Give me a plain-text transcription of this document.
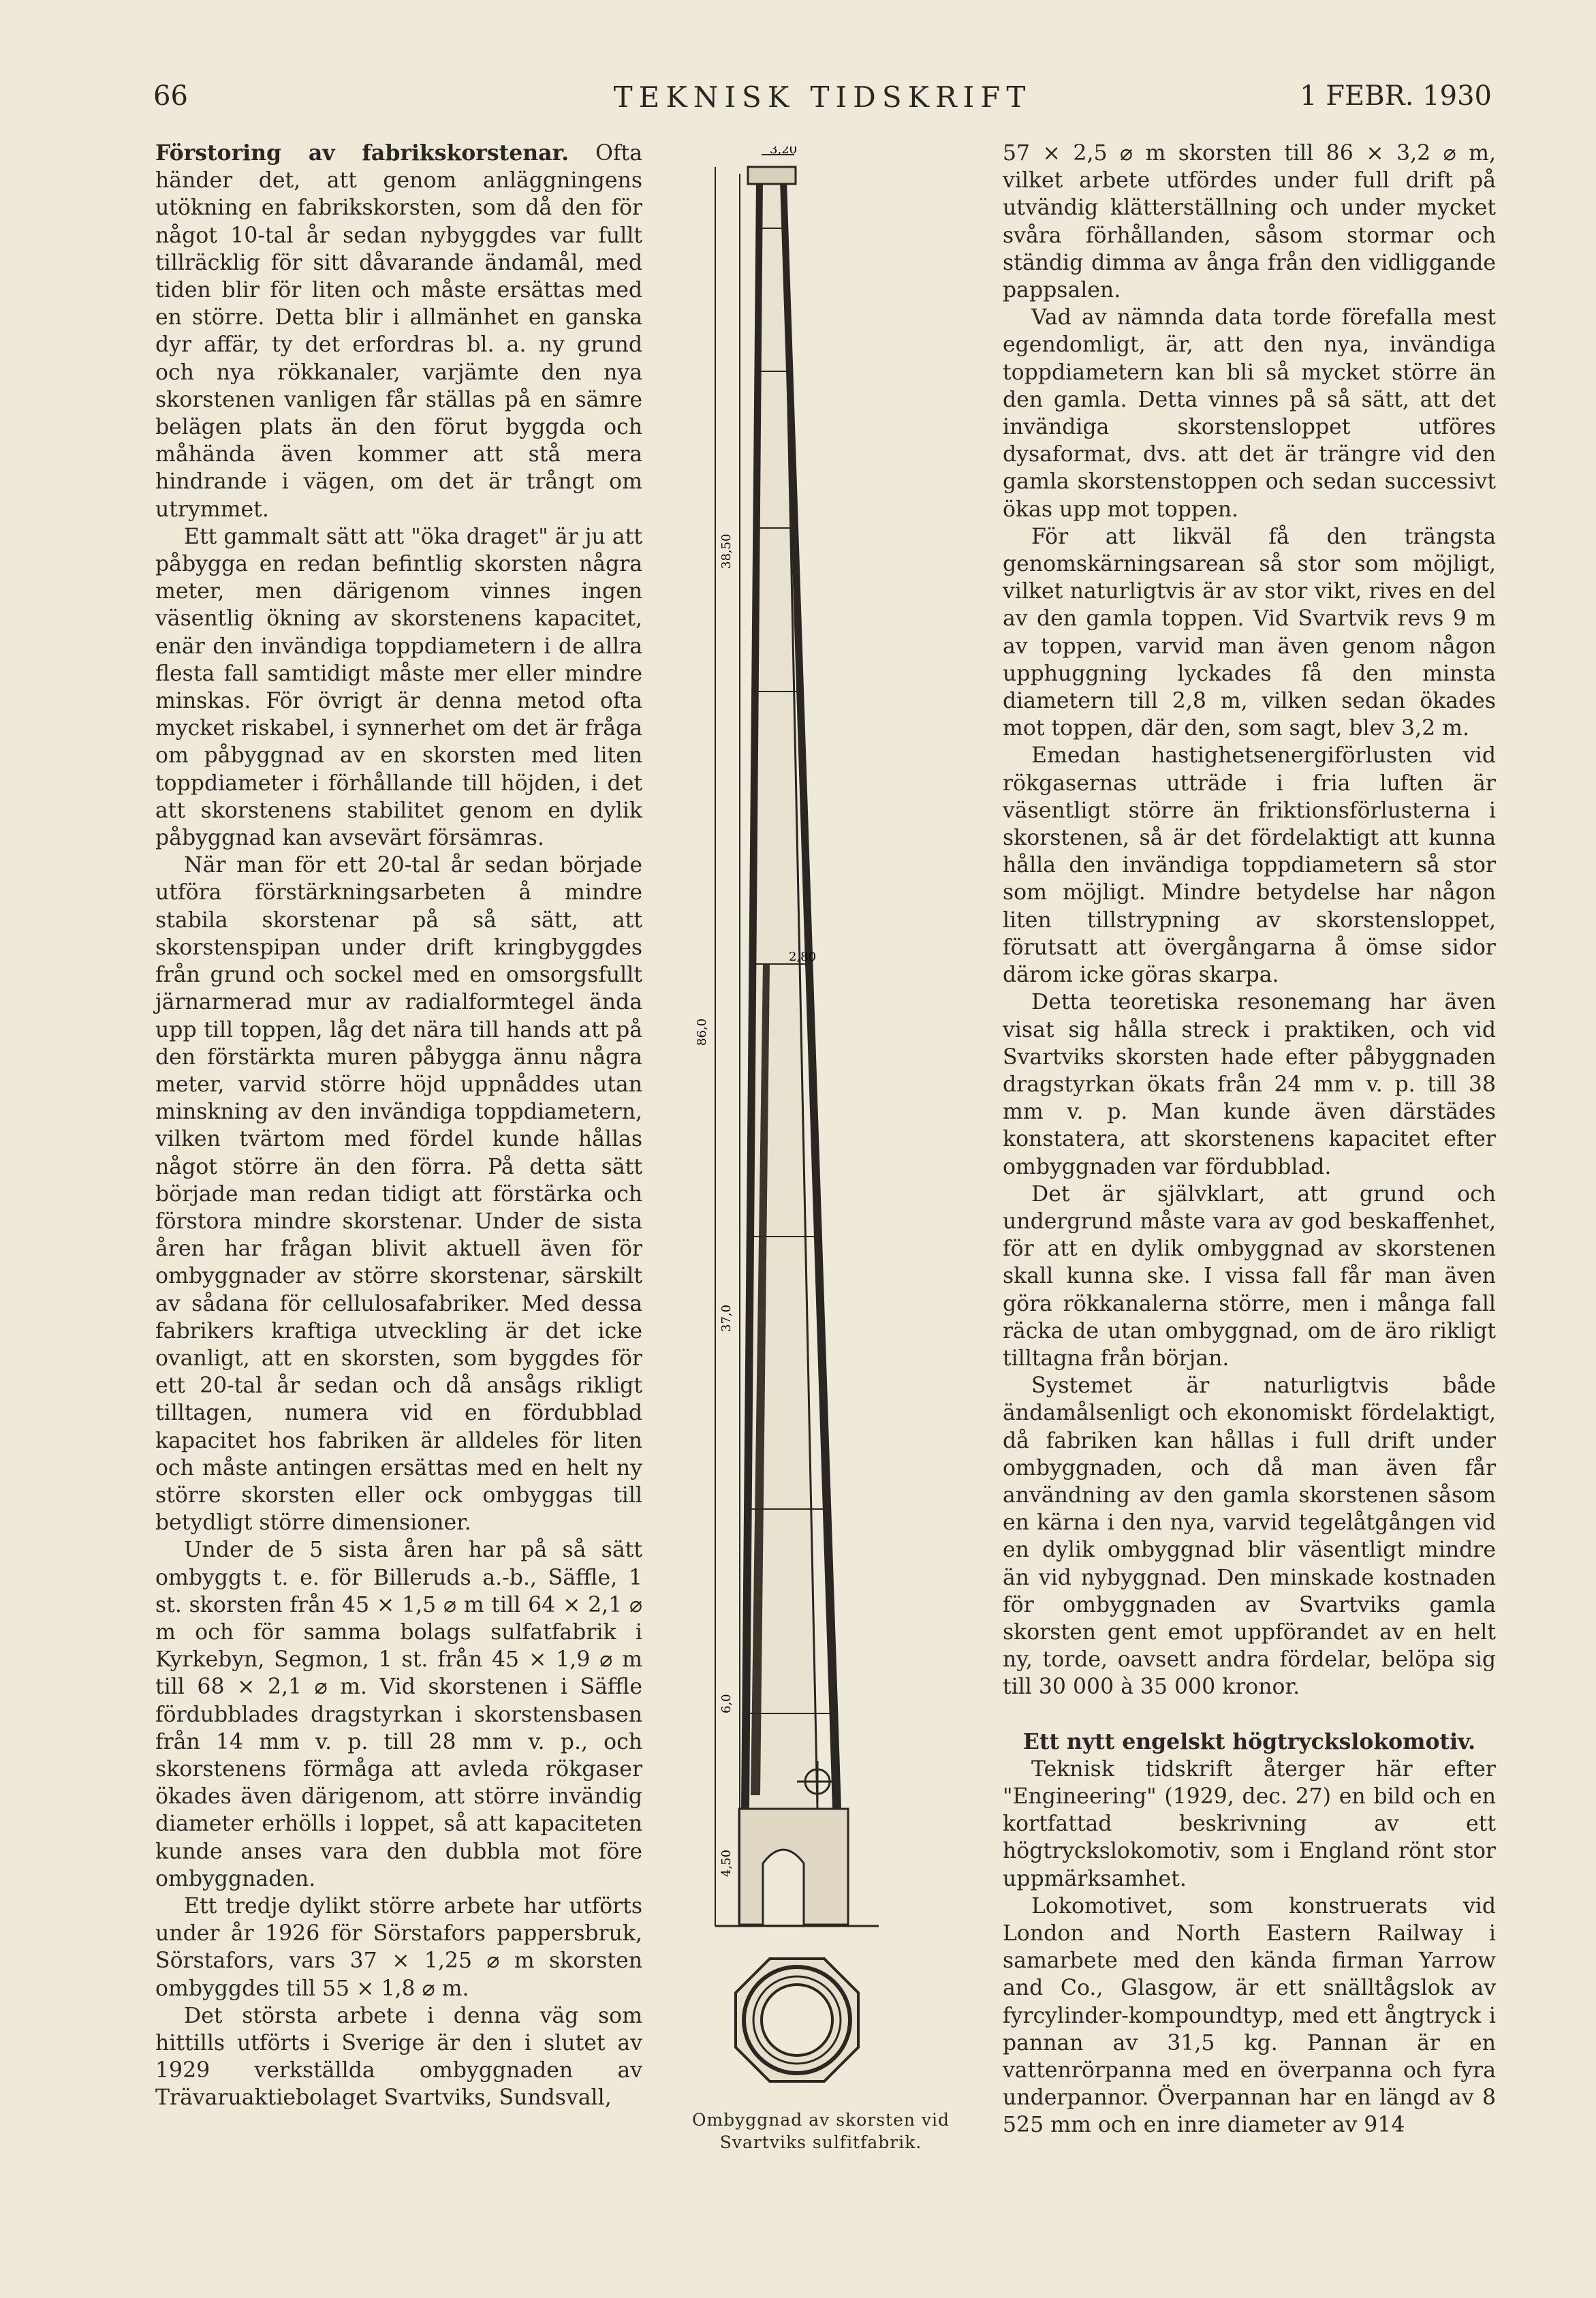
66	TEKNISK TIDSKRIFT	1 FEBR. 1930

Förstoring av fabrikskorstenar. Ofta händer det, att genom anläggningens utökning en fabrikskorsten, som då den för något 10-tal år sedan nybyggdes var fullt tillräcklig för sitt dåvarande ändamål, med tiden blir för liten och måste ersättas med en större. Detta blir i allmänhet en ganska dyr affär, ty det erfordras bl. a. ny grund och nya rökkanaler, varjämte den nya skorstenen vanligen får ställas på en sämre belägen plats än den förut byggda och måhända även kommer att stå mera hindrande i vägen, om det är trångt om utrymmet.

Ett gammalt sätt att "öka draget" är ju att påbygga en redan befintlig skorsten några meter, men därigenom vinnes ingen väsentlig ökning av skorstenens kapacitet, enär den invändiga toppdiametern i de allra flesta fall samtidigt måste mer eller mindre minskas. För övrigt är denna metod ofta mycket riskabel, i synnerhet om det är fråga om påbyggnad av en skorsten med liten toppdiameter i förhållande till höjden, i det att skorstenens stabilitet genom en dylik påbyggnad kan avsevärt försämras.

När man för ett 20-tal år sedan började utföra förstärkningsarbeten å mindre stabila skorstenar på så sätt, att skorstenspipan under drift kringbyggdes från grund och sockel med en omsorgsfullt järnarmerad mur av radialformtegel ända upp till toppen, låg det nära till hands att på den förstärkta muren påbygga ännu några meter, varvid större höjd uppnåddes utan minskning av den invändiga toppdiametern, vilken tvärtom med fördel kunde hållas något större än den förra. På detta sätt började man redan tidigt att förstärka och förstora mindre skorstenar. Under de sista åren har frågan blivit aktuell även för ombyggnader av större skorstenar, särskilt av sådana för cellulosafabriker. Med dessa fabrikers kraftiga utveckling är det icke ovanligt, att en skorsten, som byggdes för ett 20-tal år sedan och då ansågs rikligt tilltagen, numera vid en fördubblad kapacitet hos fabriken är alldeles för liten och måste antingen ersättas med en helt ny större skorsten eller ock ombyggas till betydligt större dimensioner.

Under de 5 sista åren har på så sätt ombyggts t. e. för Billeruds a.-b., Säffle, 1 st. skorsten från 45 × 1,5 ⌀ m till 64 × 2,1 ⌀ m och för samma bolags sulfatfabrik i Kyrkebyn, Segmon, 1 st. från 45 × 1,9 ⌀ m till 68 × 2,1 ⌀ m. Vid skorstenen i Säffle fördubblades dragstyrkan i skorstensbasen från 14 mm v. p. till 28 mm v. p., och skorstenens förmåga att avleda rökgaser ökades även därigenom, att större invändig diameter erhölls i loppet, så att kapaciteten kunde anses vara den dubbla mot före ombyggnaden.

Ett tredje dylikt större arbete har utförts under år 1926 för Sörstafors pappersbruk, Sörstafors, vars 37 × 1,25 ⌀ m skorsten ombyggdes till 55 × 1,8 ⌀ m.

Det största arbete i denna väg som hittills utförts i Sverige är den i slutet av 1929 verkställda ombyggnaden av Trävaruaktiebolaget Svartviks, Sundsvall,

3,20
38,50
2,80
86,0
37,0
6,0
4,50
Ombyggnad av skorsten vid
Svartviks sulfitfabrik.

57 × 2,5 ⌀ m skorsten till 86 × 3,2 ⌀ m, vilket arbete utfördes under full drift på utvändig klätterställning och under mycket svåra förhållanden, såsom stormar och ständig dimma av ånga från den vidliggande pappsalen.

Vad av nämnda data torde förefalla mest egendomligt, är, att den nya, invändiga toppdiametern kan bli så mycket större än den gamla. Detta vinnes på så sätt, att det invändiga skorstensloppet utföres dysaformat, dvs. att det är trängre vid den gamla skorstenstoppen och sedan successivt ökas upp mot toppen.

För att likväl få den trängsta genomskärningsarean så stor som möjligt, vilket naturligtvis är av stor vikt, rives en del av den gamla toppen. Vid Svartvik revs 9 m av toppen, varvid man även genom någon upphuggning lyckades få den minsta diametern till 2,8 m, vilken sedan ökades mot toppen, där den, som sagt, blev 3,2 m.

Emedan hastighetsenergiförlusten vid rökgasernas utträde i fria luften är väsentligt större än friktionsförlusterna i skorstenen, så är det fördelaktigt att kunna hålla den invändiga toppdiametern så stor som möjligt. Mindre betydelse har någon liten tillstrypning av skorstensloppet, förutsatt att övergångarna å ömse sidor därom icke göras skarpa.

Detta teoretiska resonemang har även visat sig hålla streck i praktiken, och vid Svartviks skorsten hade efter påbyggnaden dragstyrkan ökats från 24 mm v. p. till 38 mm v. p. Man kunde även därstädes konstatera, att skorstenens kapacitet efter ombyggnaden var fördubblad.

Det är självklart, att grund och undergrund måste vara av god beskaffenhet, för att en dylik ombyggnad av skorstenen skall kunna ske. I vissa fall får man även göra rökkanalerna större, men i många fall räcka de utan ombyggnad, om de äro rikligt tilltagna från början.

Systemet är naturligtvis både ändamålsenligt och ekonomiskt fördelaktigt, då fabriken kan hållas i full drift under ombyggnaden, och då man även får användning av den gamla skorstenen såsom en kärna i den nya, varvid tegelåtgången vid en dylik ombyggnad blir väsentligt mindre än vid nybyggnad. Den minskade kostnaden för ombyggnaden av Svartviks gamla skorsten gent emot uppförandet av en helt ny, torde, oavsett andra fördelar, belöpa sig till 30 000 à 35 000 kronor.

Ett nytt engelskt högtryckslokomotiv.

Teknisk tidskrift återger här efter "Engineering" (1929, dec. 27) en bild och en kortfattad beskrivning av ett högtryckslokomotiv, som i England rönt stor uppmärksamhet.

Lokomotivet, som konstruerats vid London and North Eastern Railway i samarbete med den kända firman Yarrow and Co., Glasgow, är ett snälltågslok av fyrcylinder-kompoundtyp, med ett ångtryck i pannan av 31,5 kg. Pannan är en vattenrörpanna med en överpanna och fyra underpannor. Överpannan har en längd av 8 525 mm och en inre diameter av 914
